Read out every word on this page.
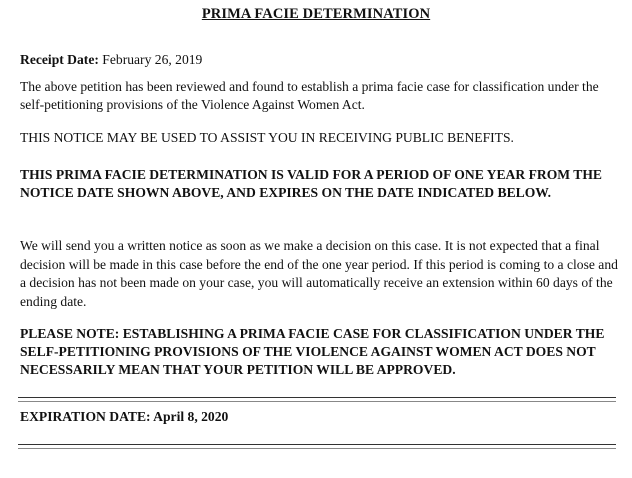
PRIMA FACIE DETERMINATION
Receipt Date: February 26, 2019
The above petition has been reviewed and found to establish a prima facie case for classification under the self-petitioning provisions of the Violence Against Women Act.
THIS NOTICE MAY BE USED TO ASSIST YOU IN RECEIVING PUBLIC BENEFITS.
THIS PRIMA FACIE DETERMINATION IS VALID FOR A PERIOD OF ONE YEAR FROM THE NOTICE DATE SHOWN ABOVE, AND EXPIRES ON THE DATE INDICATED BELOW.
We will send you a written notice as soon as we make a decision on this case. It is not expected that a final decision will be made in this case before the end of the one year period. If this period is coming to a close and a decision has not been made on your case, you will automatically receive an extension within 60 days of the ending date.
PLEASE NOTE: ESTABLISHING A PRIMA FACIE CASE FOR CLASSIFICATION UNDER THE SELF-PETITIONING PROVISIONS OF THE VIOLENCE AGAINST WOMEN ACT DOES NOT NECESSARILY MEAN THAT YOUR PETITION WILL BE APPROVED.
EXPIRATION DATE: April 8, 2020
